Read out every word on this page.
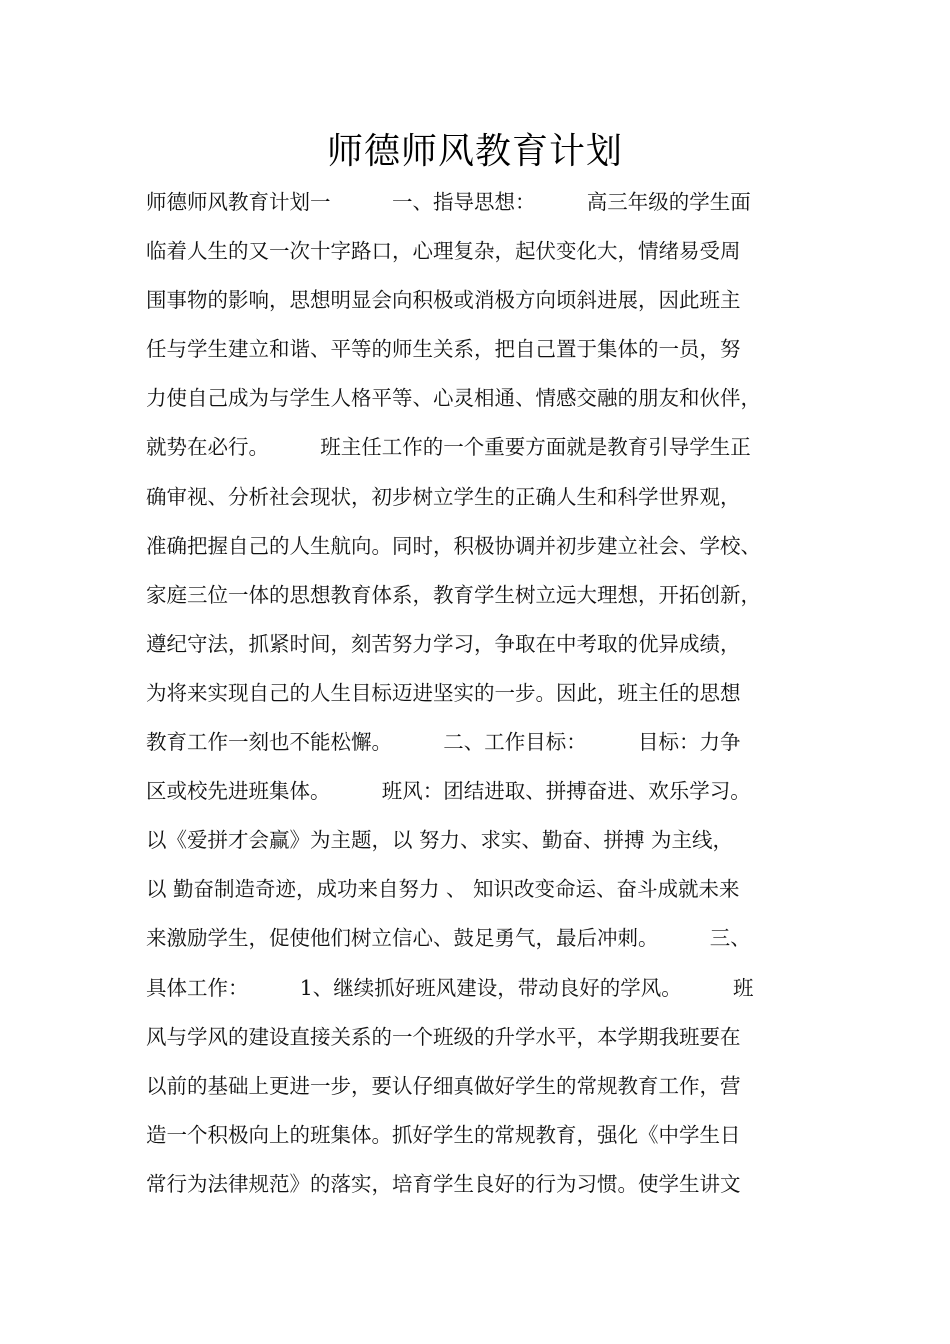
师德师风教育计划
师德师风教育计划一　　　一、指导思想：　　　高三年级的学生面
临着人生的又一次十字路口，心理复杂，起伏变化大，情绪易受周
围事物的影响，思想明显会向积极或消极方向顷斜进展，因此班主
任与学生建立和谐、平等的师生关系，把自己置于集体的一员，努
力使自己成为与学生人格平等、心灵相通、情感交融的朋友和伙伴，
就势在必行。　　　班主任工作的一个重要方面就是教育引导学生正
确审视、分析社会现状，初步树立学生的正确人生和科学世界观，
准确把握自己的人生航向。同时，积极协调并初步建立社会、学校、
家庭三位一体的思想教育体系，教育学生树立远大理想，开拓创新，
遵纪守法，抓紧时间，刻苦努力学习，争取在中考取的优异成绩，
为将来实现自己的人生目标迈进坚实的一步。因此，班主任的思想
教育工作一刻也不能松懈。　　　二、工作目标：　　　目标：力争
区或校先进班集体。　　　班风：团结进取、拼搏奋进、欢乐学习。
以《爱拼才会赢》为主题，以 努力、求实、勤奋、拼搏 为主线，
以 勤奋制造奇迹，成功来自努力 、 知识改变命运、奋斗成就未来
来激励学生，促使他们树立信心、鼓足勇气，最后冲刺。　　　三、
具体工作：　　　1、继续抓好班风建设，带动良好的学风。　　　班
风与学风的建设直接关系的一个班级的升学水平，本学期我班要在
以前的基础上更进一步，要认仔细真做好学生的常规教育工作，营
造一个积极向上的班集体。抓好学生的常规教育，强化《中学生日
常行为法律规范》的落实，培育学生良好的行为习惯。使学生讲文
